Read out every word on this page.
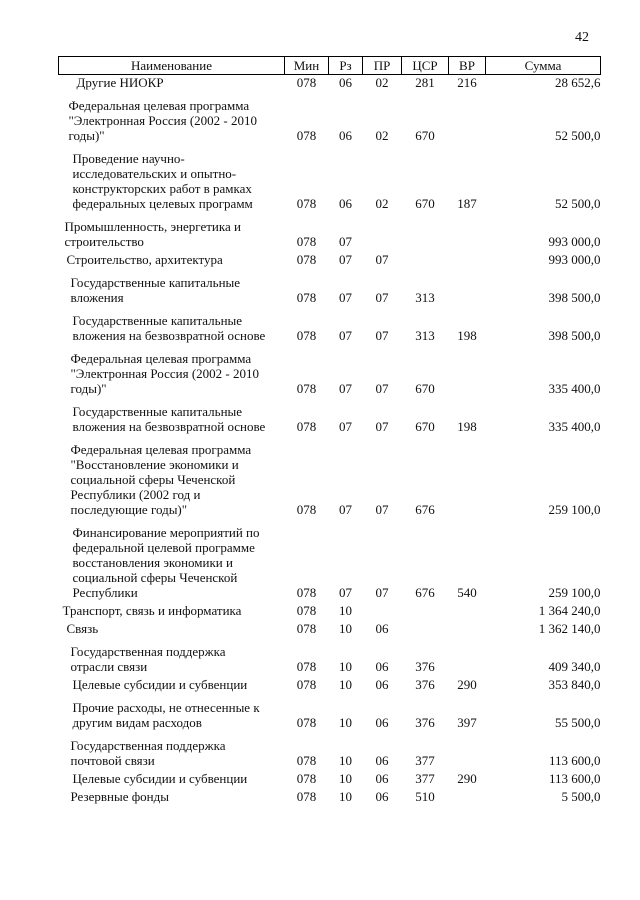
42
Наименование	Мин	Рз	ПР	ЦСР	ВР	Сумма
Другие НИОКР	078	06	02	281	216	28 652,6
Федеральная целевая программа
"Электронная Россия (2002 - 2010
годы)"	078	06	02	670		52 500,0
Проведение научно-
исследовательских и опытно-
конструкторских работ в рамках
федеральных целевых программ	078	06	02	670	187	52 500,0
Промышленность, энергетика и
строительство	078	07				993 000,0
Строительство, архитектура	078	07	07			993 000,0
Государственные капитальные
вложения	078	07	07	313		398 500,0
Государственные капитальные
вложения на безвозвратной основе	078	07	07	313	198	398 500,0
Федеральная целевая программа
"Электронная Россия (2002 - 2010
годы)"	078	07	07	670		335 400,0
Государственные капитальные
вложения на безвозвратной основе	078	07	07	670	198	335 400,0
Федеральная целевая программа
"Восстановление экономики и
социальной сферы Чеченской
Республики (2002 год и
последующие годы)"	078	07	07	676		259 100,0
Финансирование мероприятий по
федеральной целевой программе
восстановления экономики и
социальной сферы Чеченской
Республики	078	07	07	676	540	259 100,0
Транспорт, связь и информатика	078	10				1 364 240,0
Связь	078	10	06			1 362 140,0
Государственная поддержка
отрасли связи	078	10	06	376		409 340,0
Целевые субсидии и субвенции	078	10	06	376	290	353 840,0
Прочие расходы, не отнесенные к
другим видам расходов	078	10	06	376	397	55 500,0
Государственная поддержка
почтовой связи	078	10	06	377		113 600,0
Целевые субсидии и субвенции	078	10	06	377	290	113 600,0
Резервные фонды	078	10	06	510		5 500,0
